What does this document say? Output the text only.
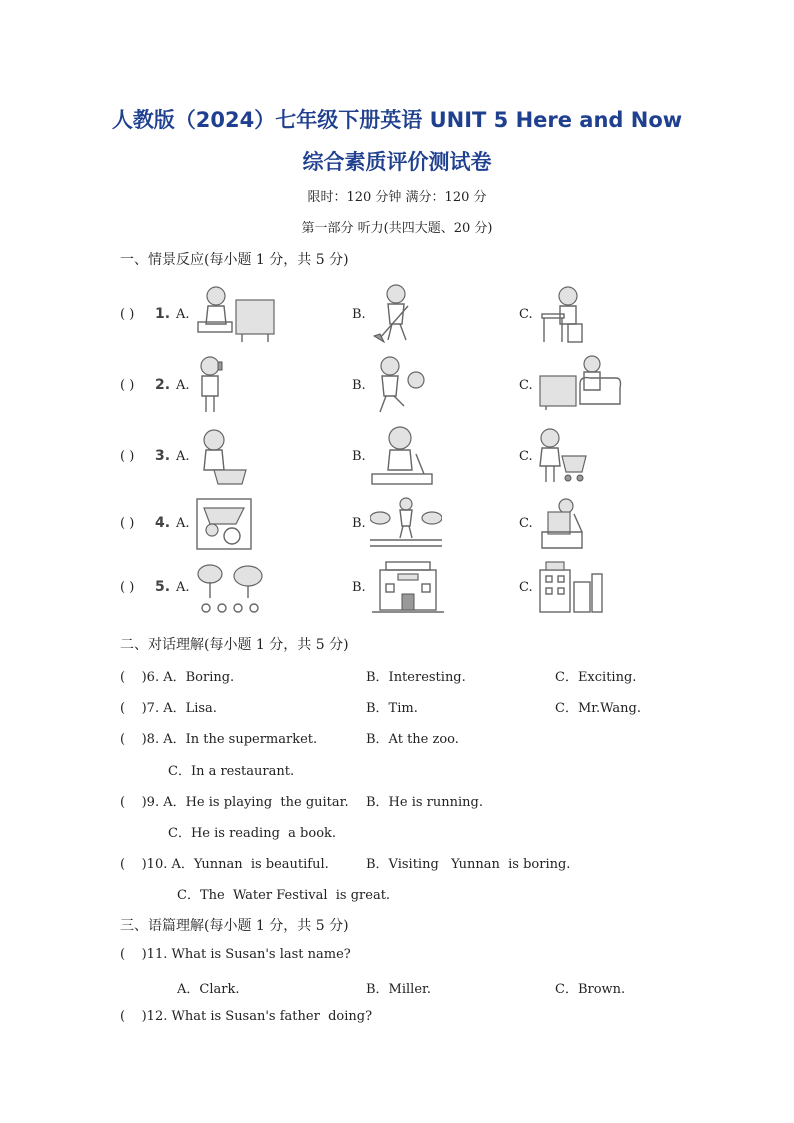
人教版（2024）七年级下册英语 UNIT 5 Here and Now
综合素质评价测试卷
限时：120 分钟 满分：120 分
第一部分 听力(共四大题、20 分)
一、情景反应(每小题 1 分，共 5 分)
( ) 1. A.	B.	C.
( ) 2. A.	B.	C.
( ) 3. A.	B.	C.
( ) 4. A.	B.	C.
( ) 5. A.	B.	C.
二、对话理解(每小题 1 分，共 5 分)
(    )6. A．Boring.	B．Interesting.	C．Exciting.
(    )7. A．Lisa.	B．Tim.	C．Mr.Wang.
(    )8. A．In the supermarket.	B．At the zoo.
C．In a restaurant.
(    )9. A．He is playing  the guitar. B．He is running.
C．He is reading  a book.
(    )10. A．Yunnan  is beautiful.	B．Visiting   Yunnan  is boring.
C．The  Water Festival  is great.
三、语篇理解(每小题 1 分，共 5 分)
(    )11. What is Susan's last name?
A．Clark.	B．Miller.	C．Brown.
(    )12. What is Susan's father  doing?
